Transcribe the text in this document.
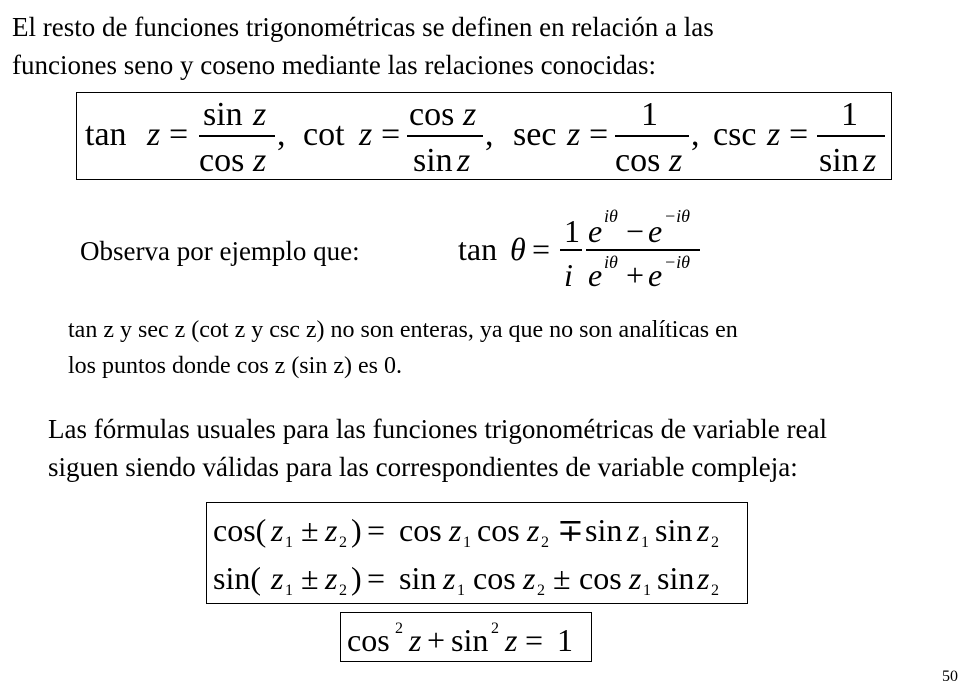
El resto de funciones trigonométricas se definen en relación a las
funciones seno y coseno mediante las relaciones conocidas:
tan z =
sin z
cos z
, cot z =
cos z
sin z
, sec z =
1
cos z
, csc z =
1
sin z
Observa por ejemplo que:	tan θ = 1
i
e iθ − e −iθ
e iθ + e −iθ
tan z y sec z (cot z y csc z) no son enteras, ya que no son analíticas en
los puntos donde cos z (sin z) es 0.
Las fórmulas usuales para las funciones trigonométricas de variable real
siguen siendo válidas para las correspondientes de variable compleja:
cos( z 1 ± z 2 ) = cos z 1 cos z 2 ∓ sin z 1 sin z 2
sin( z 1 ± z 2 ) = sin z 1 cos z 2 ± cos z 1 sin z 2
cos 2 z + sin 2 z = 1
50
